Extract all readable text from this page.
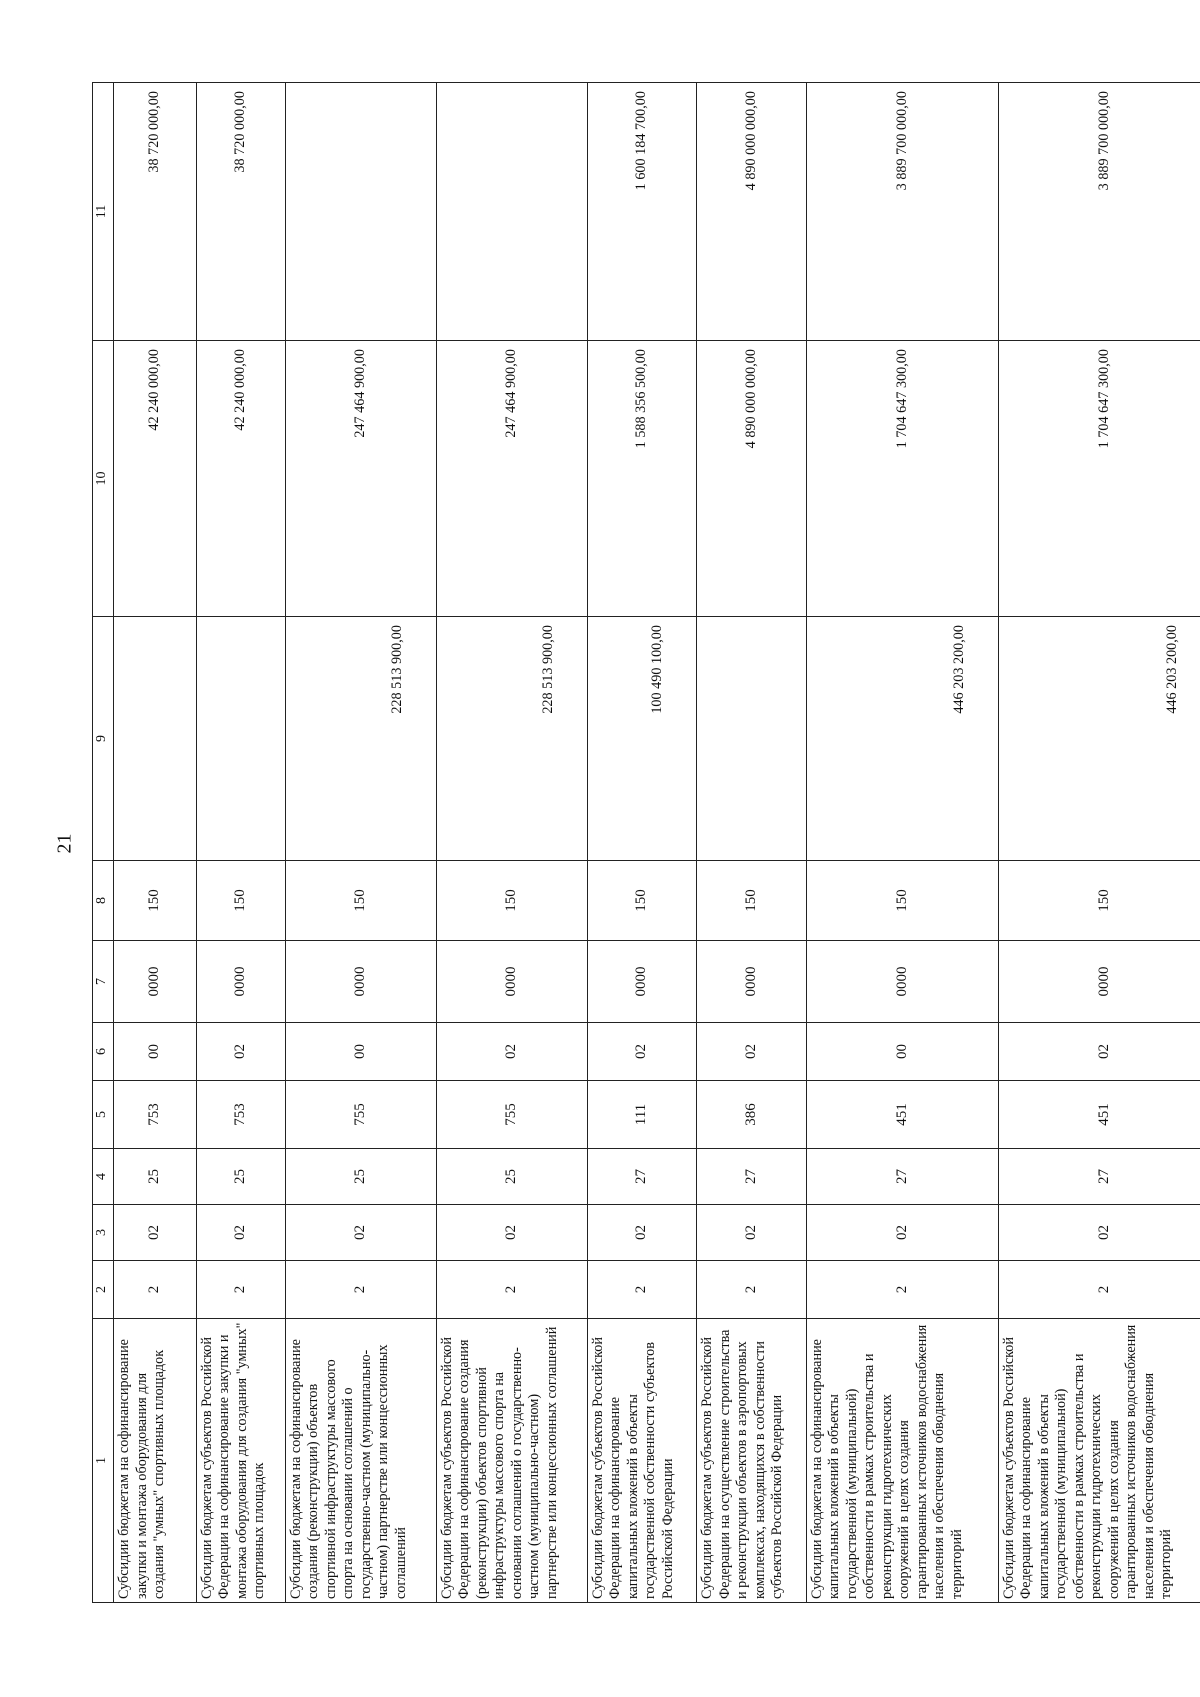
21
1	2	3	4	5	6	7	8	9	10	11
Субсидии бюджетам на софинансирование закупки и монтажа оборудования для создания "умных" спортивных площадок	2	02	25	753	00	0000	150		42 240 000,00	38 720 000,00
Субсидии бюджетам субъектов Российской Федерации на софинансирование закупки и монтажа оборудования для создания "умных" спортивных площадок	2	02	25	753	02	0000	150		42 240 000,00	38 720 000,00
Субсидии бюджетам на софинансирование создания (реконструкции) объектов спортивной инфраструктуры массового спорта на основании соглашений о государственно-частном (муниципально-частном) партнерстве или концессионных соглашений	2	02	25	755	00	0000	150	228 513 900,00	247 464 900,00	
Субсидии бюджетам субъектов Российской Федерации на софинансирование создания (реконструкции) объектов спортивной инфраструктуры массового спорта на основании соглашений о государственно-частном (муниципально-частном) партнерстве или концессионных соглашений	2	02	25	755	02	0000	150	228 513 900,00	247 464 900,00	
Субсидии бюджетам субъектов Российской Федерации на софинансирование капитальных вложений в объекты государственной собственности субъектов Российской Федерации	2	02	27	111	02	0000	150	100 490 100,00	1 588 356 500,00	1 600 184 700,00
Субсидии бюджетам субъектов Российской Федерации на осуществление строительства и реконструкции объектов в аэропортовых комплексах, находящихся в собственности субъектов Российской Федерации	2	02	27	386	02	0000	150		4 890 000 000,00	4 890 000 000,00
Субсидии бюджетам на софинансирование капитальных вложений в объекты государственной (муниципальной) собственности в рамках строительства и реконструкции гидротехнических сооружений в целях создания гарантированных источников водоснабжения населения и обеспечения обводнения территорий	2	02	27	451	00	0000	150	446 203 200,00	1 704 647 300,00	3 889 700 000,00
Субсидии бюджетам субъектов Российской Федерации на софинансирование капитальных вложений в объекты государственной (муниципальной) собственности в рамках строительства и реконструкции гидротехнических сооружений в целях создания гарантированных источников водоснабжения населения и обеспечения обводнения территорий	2	02	27	451	02	0000	150	446 203 200,00	1 704 647 300,00	3 889 700 000,00
